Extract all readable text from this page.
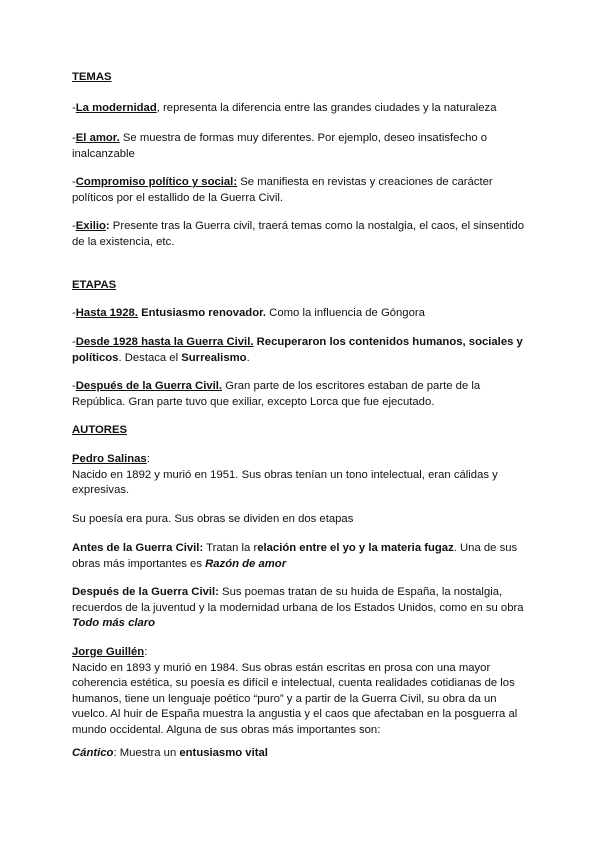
TEMAS

-La modernidad, representa la diferencia entre las grandes ciudades y la naturaleza

-El amor. Se muestra de formas muy diferentes. Por ejemplo, deseo insatisfecho o inalcanzable

-Compromiso político y social: Se manifiesta en revistas y creaciones de carácter políticos por el estallido de la Guerra Civil.

-Exilio: Presente tras la Guerra civil, traerá temas como la nostalgia, el caos, el sinsentido de la existencia, etc.

ETAPAS

-Hasta 1928. Entusiasmo renovador. Como la influencia de Góngora

-Desde 1928 hasta la Guerra Civil. Recuperaron los contenidos humanos, sociales y políticos. Destaca el Surrealismo.

-Después de la Guerra Civil. Gran parte de los escritores estaban de parte de la República. Gran parte tuvo que exiliar, excepto Lorca que fue ejecutado.

AUTORES

Pedro Salinas:
Nacido en 1892 y murió en 1951. Sus obras tenían un tono intelectual, eran cálidas y expresivas.

Su poesía era pura. Sus obras se dividen en dos etapas

Antes de la Guerra Civil: Tratan la relación entre el yo y la materia fugaz. Una de sus obras más importantes es Razón de amor

Después de la Guerra Civil: Sus poemas tratan de su huida de España, la nostalgia, recuerdos de la juventud y la modernidad urbana de los Estados Unidos, como en su obra Todo más claro

Jorge Guillén:
Nacido en 1893 y murió en 1984. Sus obras están escritas en prosa con una mayor coherencia estética, su poesía es difícil e intelectual, cuenta realidades cotidianas de los humanos, tiene un lenguaje poético “puro” y a partir de la Guerra Civil, su obra da un vuelco. Al huir de España muestra la angustia y el caos que afectaban en la posguerra al mundo occidental. Alguna de sus obras más importantes son:

Cántico: Muestra un entusiasmo vital
